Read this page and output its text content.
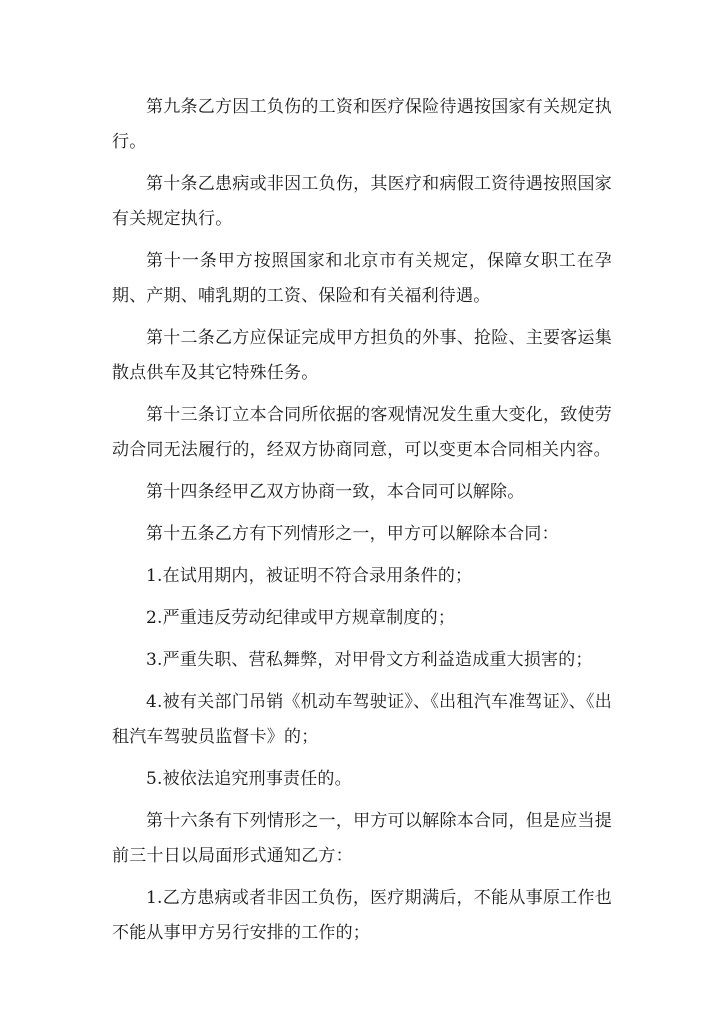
第九条乙方因工负伤的工资和医疗保险待遇按国家有关规定执行。

第十条乙患病或非因工负伤，其医疗和病假工资待遇按照国家有关规定执行。

第十一条甲方按照国家和北京市有关规定，保障女职工在孕期、产期、哺乳期的工资、保险和有关福利待遇。

第十二条乙方应保证完成甲方担负的外事、抢险、主要客运集散点供车及其它特殊任务。

第十三条订立本合同所依据的客观情况发生重大变化，致使劳动合同无法履行的，经双方协商同意，可以变更本合同相关内容。

第十四条经甲乙双方协商一致，本合同可以解除。

第十五条乙方有下列情形之一，甲方可以解除本合同：

1.在试用期内，被证明不符合录用条件的；

2.严重违反劳动纪律或甲方规章制度的；

3.严重失职、营私舞弊，对甲骨文方利益造成重大损害的；

4.被有关部门吊销《机动车驾驶证》、《出租汽车准驾证》、《出租汽车驾驶员监督卡》的；

5.被依法追究刑事责任的。

第十六条有下列情形之一，甲方可以解除本合同，但是应当提前三十日以局面形式通知乙方：

1.乙方患病或者非因工负伤，医疗期满后，不能从事原工作也不能从事甲方另行安排的工作的；
